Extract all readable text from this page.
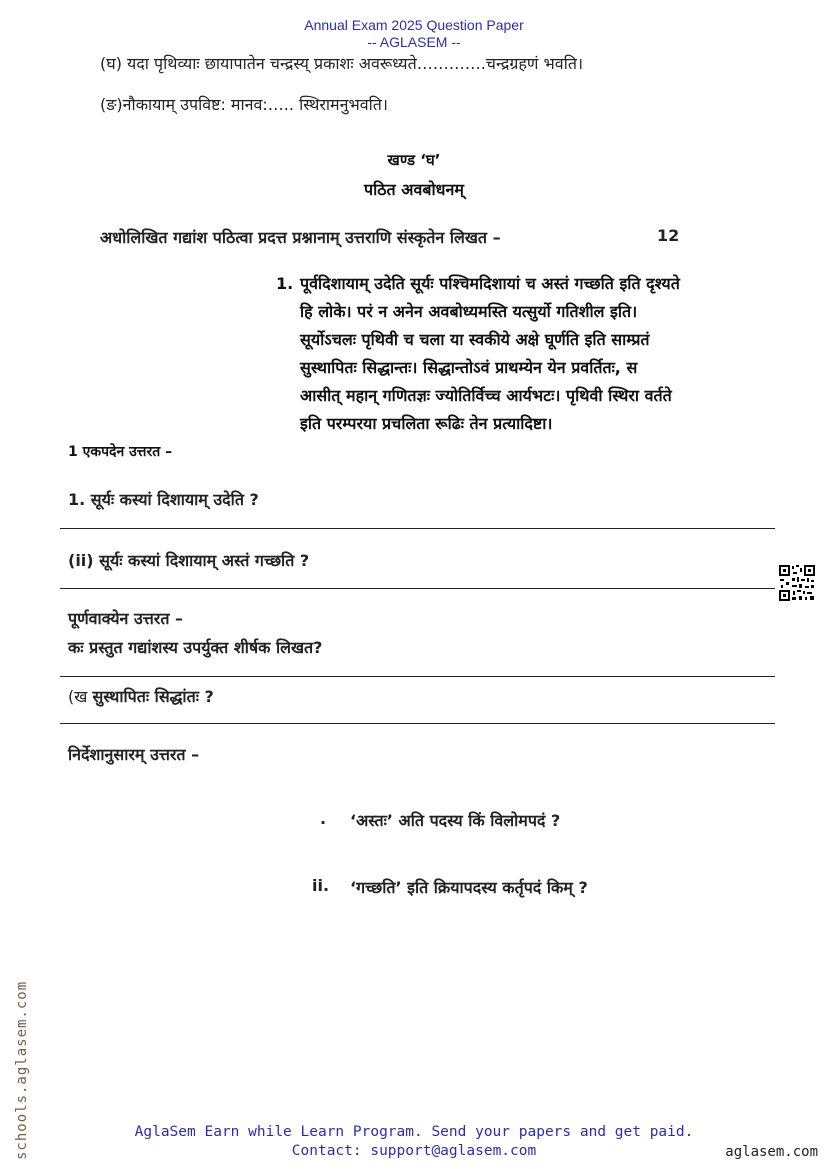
Annual Exam 2025 Question Paper
-- AGLASEM --
(घ) यदा पृथिव्याः छायापातेन चन्द्रस्य् प्रकाशः अवरूध्यते………….चन्द्रग्रहणं भवति।
(ङ)नौकायाम् उपविष्ट: मानव:….. स्थिरामनुभवति।
खण्ड ‘घ’
पठित अवबोधनम्
अधोलिखित गद्यांश पठित्वा प्रदत्त प्रश्नानाम् उत्तराणि संस्कृतेन लिखत –	12
1. पूर्वदिशायाम् उदेति सूर्यः पश्चिमदिशायां च अस्तं गच्छति इति दृश्यते
हि लोके। परं न अनेन अवबोध्यमस्ति यत्सुर्यो गतिशील इति।
सूर्योऽचलः पृथिवी च चला या स्वकीये अक्षे घूर्णति इति साम्प्रतं
सुस्थापितः सिद्धान्तः। सिद्धान्तोऽवं प्राथम्येन येन प्रवर्तितः, स
आसीत् महान् गणितज्ञः ज्योतिर्विच्च आर्यभटः। पृथिवी स्थिरा वर्तते
इति परम्परया प्रचलिता रूढिः तेन प्रत्यादिष्टा।
1 एकपदेन उत्तरत –
1. सूर्यः कस्यां दिशायाम् उदेति ?
(ii) सूर्यः कस्यां दिशायाम् अस्तं गच्छति ?
पूर्णवाक्येन उत्तरत –
कः प्रस्तुत गद्यांशस्य उपर्युक्त शीर्षक लिखत?
(ख सुस्थापितः सिद्धांतः ?
निर्देशानुसारम् उत्तरत –
. ‘अस्तः’ अति पदस्य किं विलोमपदं ?
ii. ‘गच्छति’ इति क्रियापदस्य कर्तृपदं किम् ?
schools.aglasem.com	AglaSem Earn while Learn Program. Send your papers and get paid.
Contact: support@aglasem.com	aglasem.com
